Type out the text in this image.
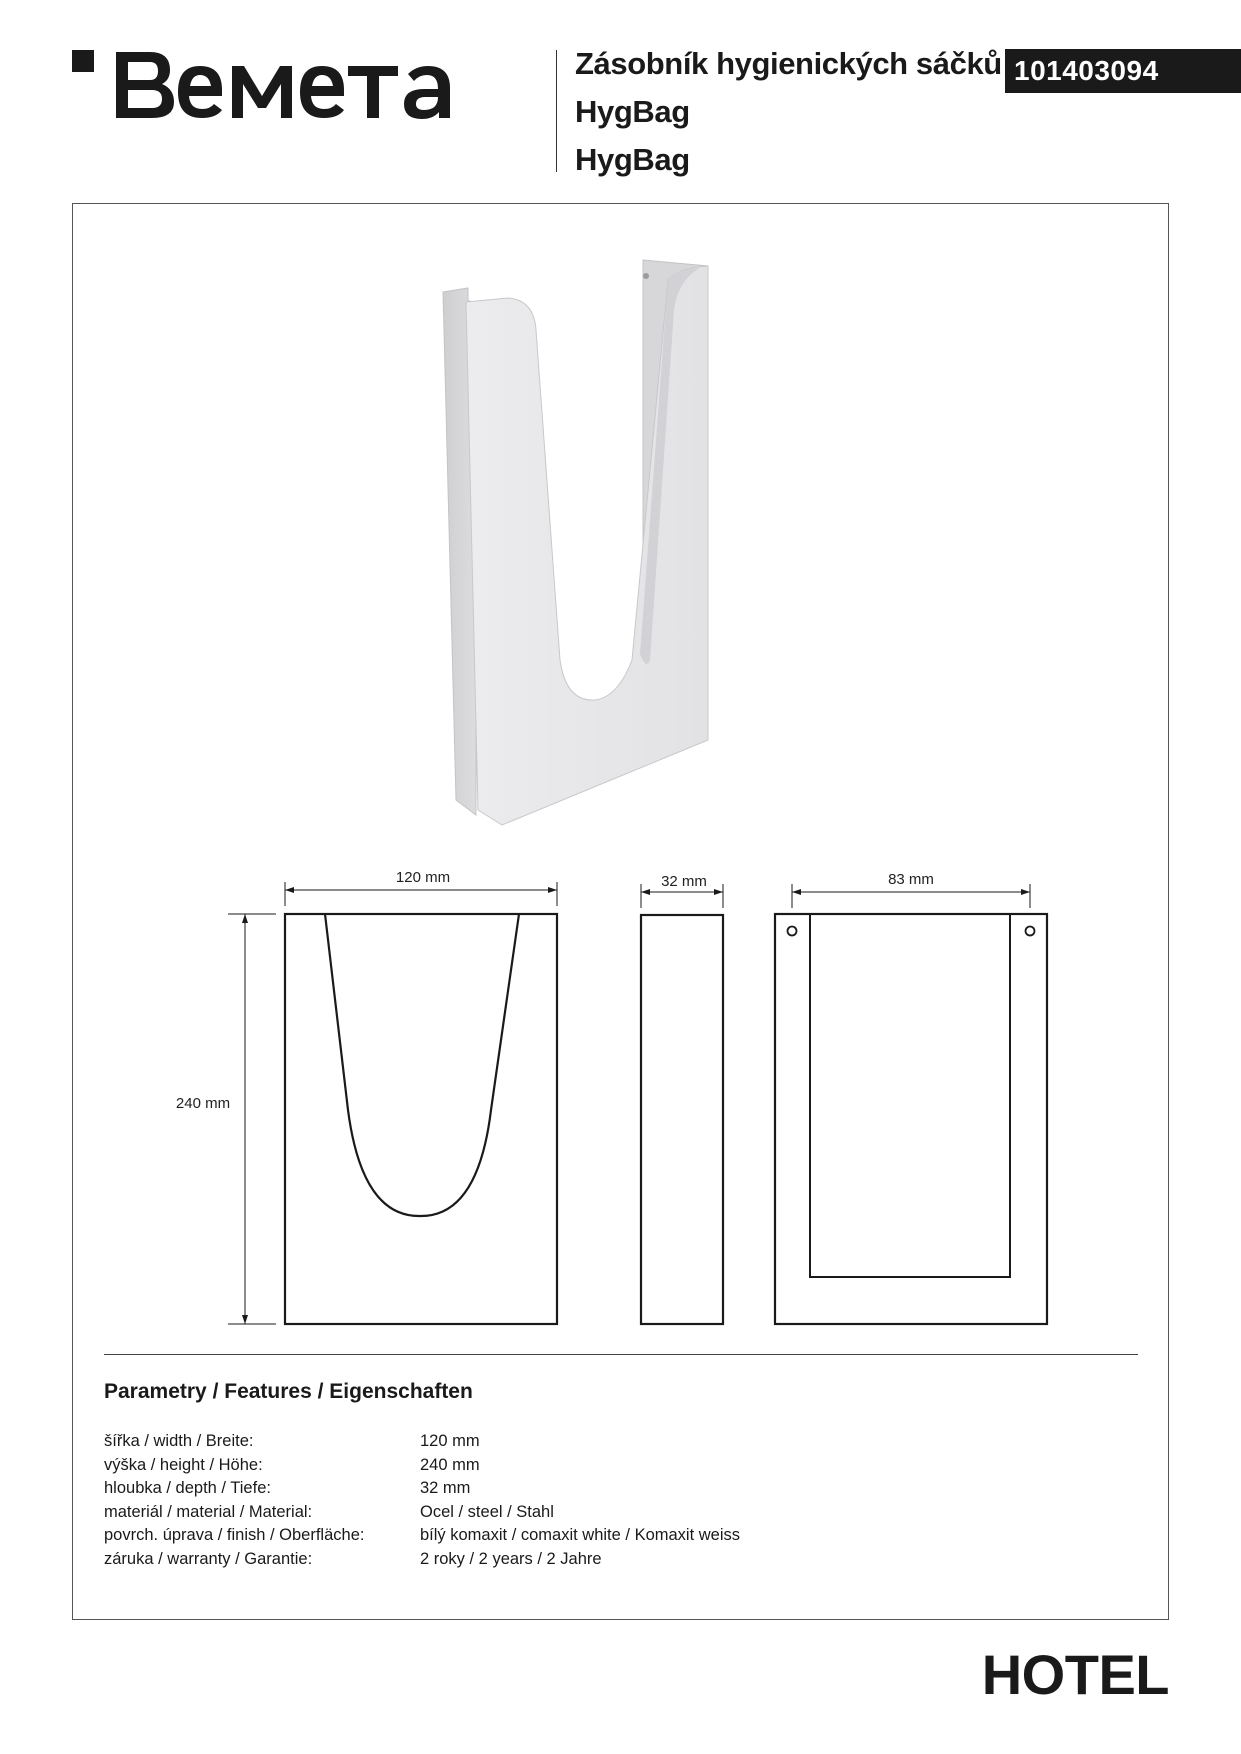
BEMETA
Zásobník hygienických sáčků
HygBag
HygBag
101403094
120 mm
240 mm
32 mm	83 mm
Parametry / Features / Eigenschaften
šířka / width / Breite:	120 mm
výška / height / Höhe:	240 mm
hloubka / depth / Tiefe:	32 mm
materiál / material / Material:	Ocel / steel / Stahl
povrch. úprava / finish / Oberfläche:	bílý komaxit / comaxit white / Komaxit weiss
záruka / warranty / Garantie:	2 roky / 2 years / 2 Jahre
HOTEL
